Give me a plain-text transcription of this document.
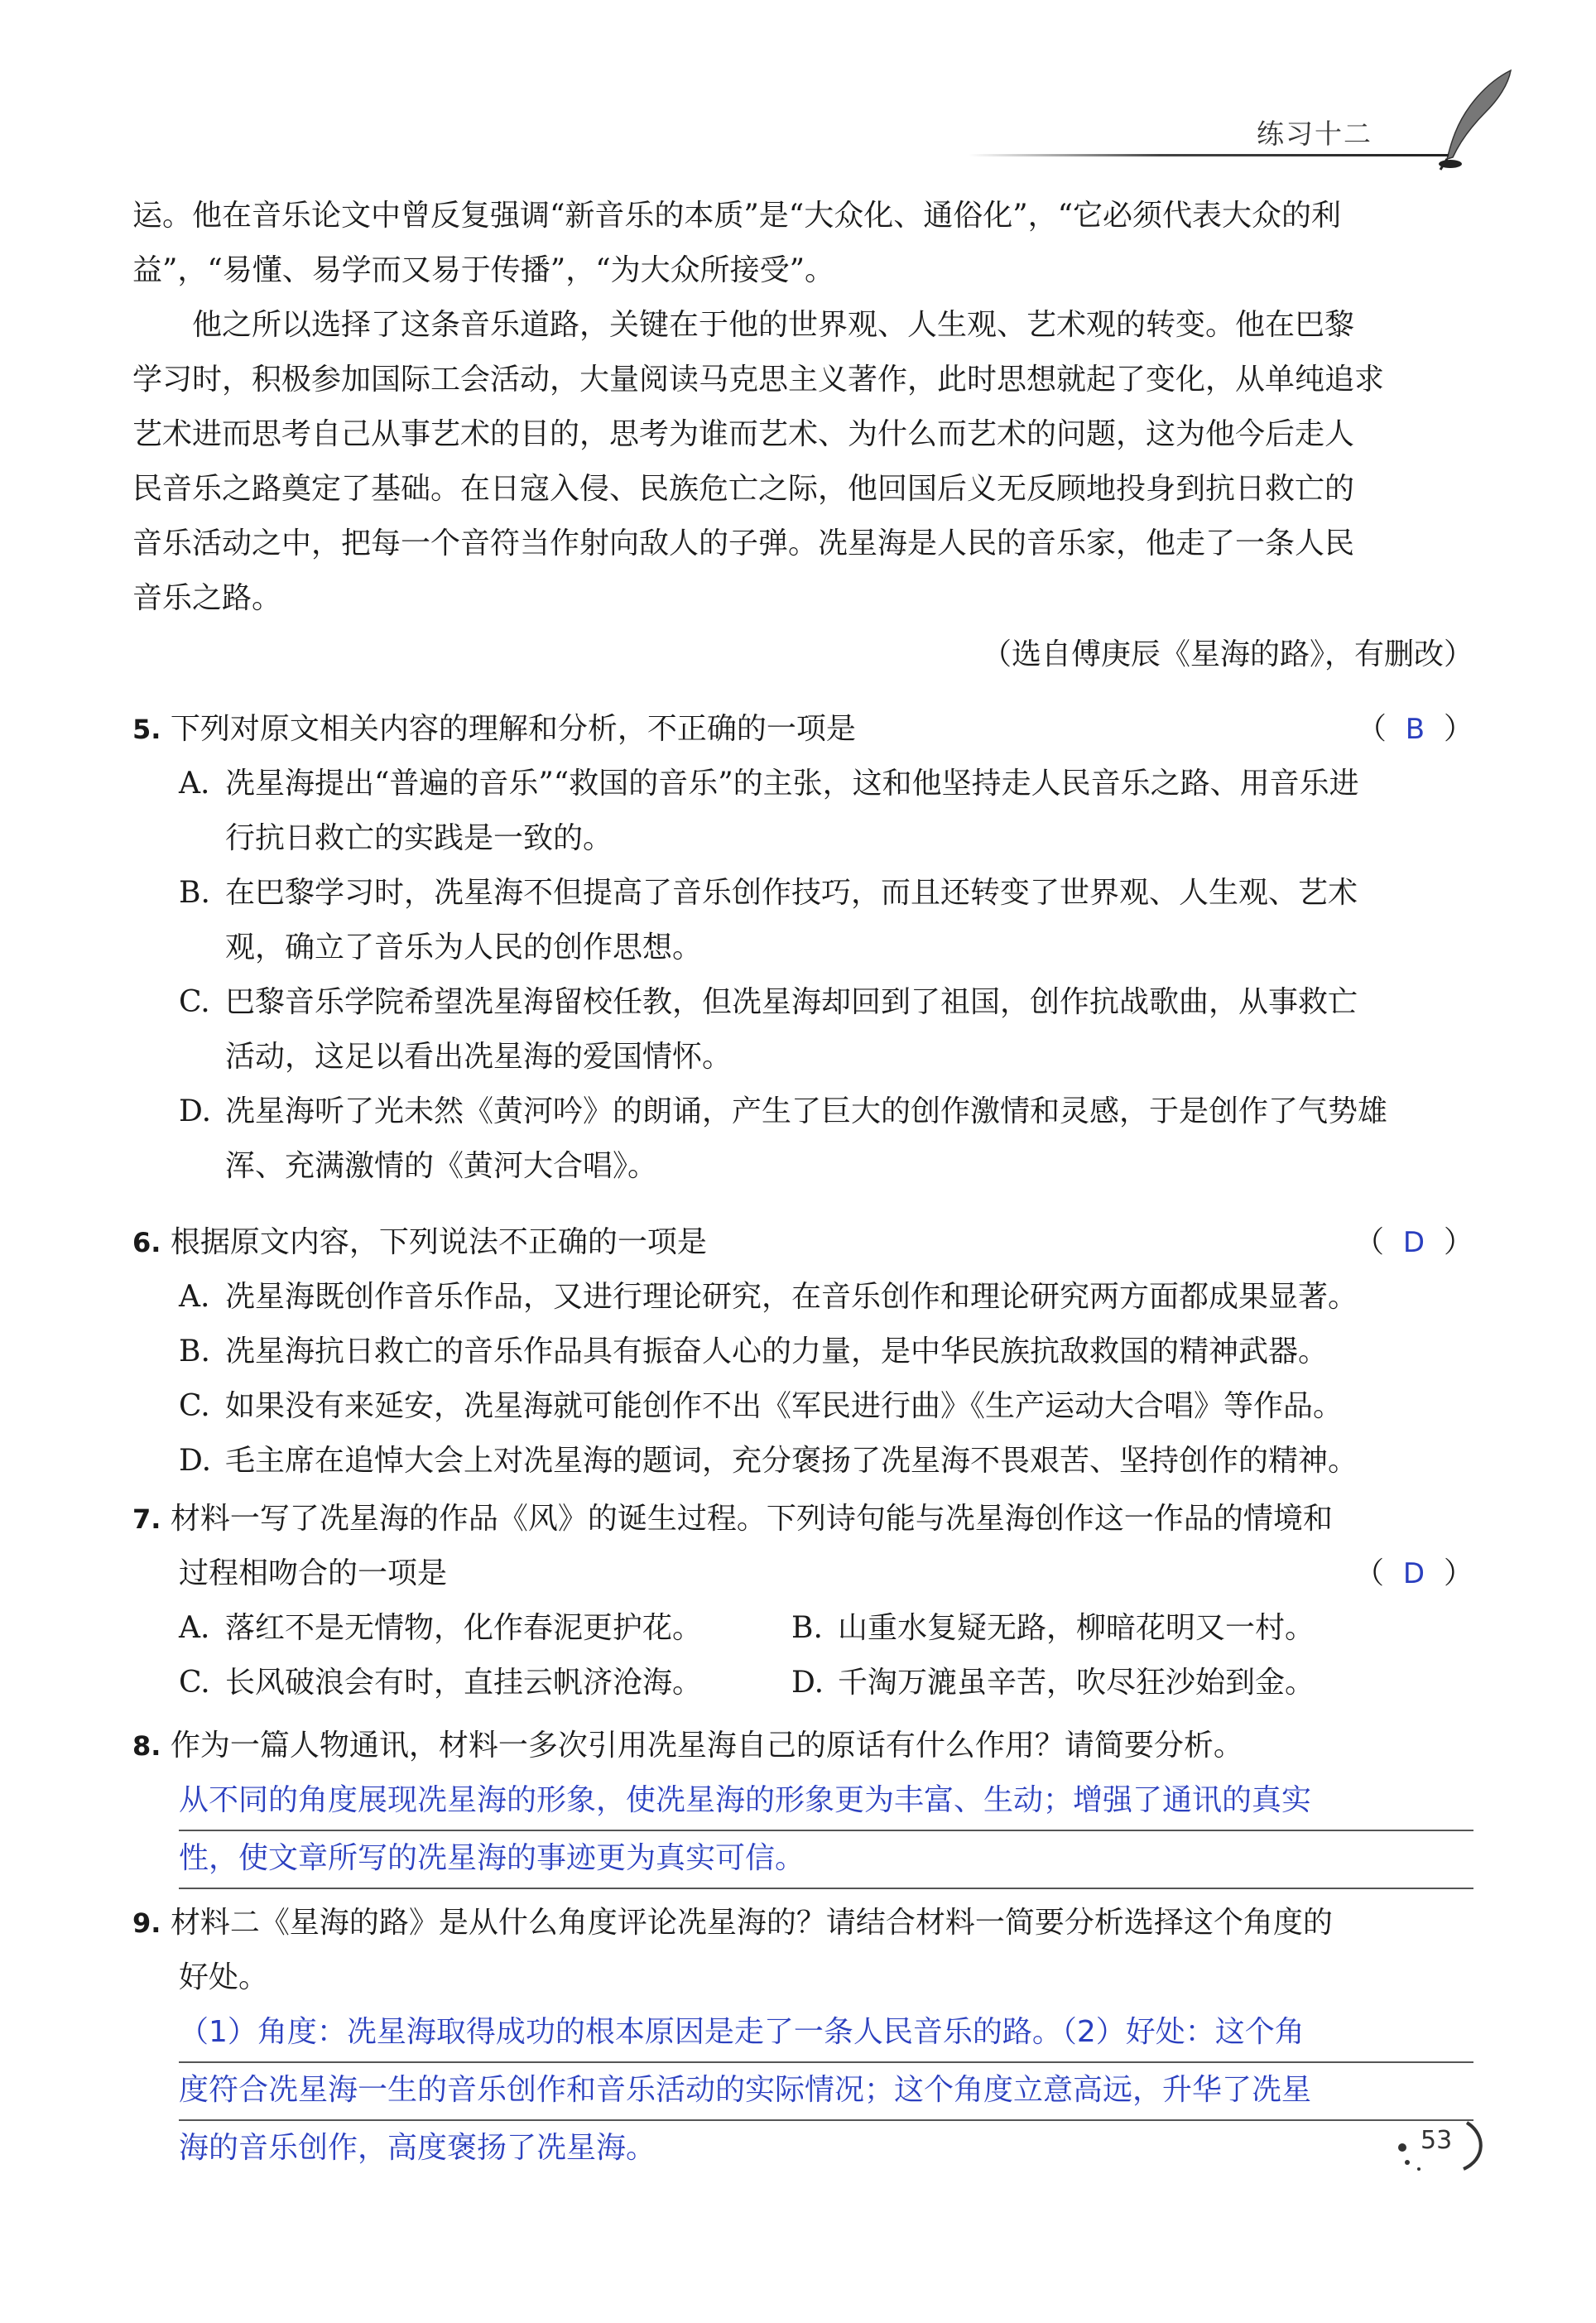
练习十二
运。他在音乐论文中曾反复强调“新音乐的本质”是“大众化、通俗化”，“它必须代表大众的利
益”，“易懂、易学而又易于传播”，“为大众所接受”。
他之所以选择了这条音乐道路，关键在于他的世界观、人生观、艺术观的转变。他在巴黎
学习时，积极参加国际工会活动，大量阅读马克思主义著作，此时思想就起了变化，从单纯追求
艺术进而思考自己从事艺术的目的，思考为谁而艺术、为什么而艺术的问题，这为他今后走人
民音乐之路奠定了基础。在日寇入侵、民族危亡之际，他回国后义无反顾地投身到抗日救亡的
音乐活动之中，把每一个音符当作射向敌人的子弹。冼星海是人民的音乐家，他走了一条人民
音乐之路。
（选自傅庚辰《星海的路》，有删改）
5. 下列对原文相关内容的理解和分析，不正确的一项是	（  B  ）
A. 冼星海提出“普遍的音乐”“救国的音乐”的主张，这和他坚持走人民音乐之路、用音乐进
行抗日救亡的实践是一致的。
B. 在巴黎学习时，冼星海不但提高了音乐创作技巧，而且还转变了世界观、人生观、艺术
观，确立了音乐为人民的创作思想。
C. 巴黎音乐学院希望冼星海留校任教，但冼星海却回到了祖国，创作抗战歌曲，从事救亡
活动，这足以看出冼星海的爱国情怀。
D. 冼星海听了光未然《黄河吟》的朗诵，产生了巨大的创作激情和灵感，于是创作了气势雄
浑、充满激情的《黄河大合唱》。
6. 根据原文内容，下列说法不正确的一项是	（  D  ）
A. 冼星海既创作音乐作品，又进行理论研究，在音乐创作和理论研究两方面都成果显著。
B. 冼星海抗日救亡的音乐作品具有振奋人心的力量，是中华民族抗敌救国的精神武器。
C. 如果没有来延安，冼星海就可能创作不出《军民进行曲》《生产运动大合唱》等作品。
D. 毛主席在追悼大会上对冼星海的题词，充分褒扬了冼星海不畏艰苦、坚持创作的精神。
7. 材料一写了冼星海的作品《风》的诞生过程。下列诗句能与冼星海创作这一作品的情境和
过程相吻合的一项是	（  D  ）
A. 落红不是无情物，化作春泥更护花。	B. 山重水复疑无路，柳暗花明又一村。
C. 长风破浪会有时，直挂云帆济沧海。	D. 千淘万漉虽辛苦，吹尽狂沙始到金。
8. 作为一篇人物通讯，材料一多次引用冼星海自己的原话有什么作用？请简要分析。
从不同的角度展现冼星海的形象，使冼星海的形象更为丰富、生动；增强了通讯的真实
性，使文章所写的冼星海的事迹更为真实可信。
9. 材料二《星海的路》是从什么角度评论冼星海的？请结合材料一简要分析选择这个角度的
好处。
（1）角度：冼星海取得成功的根本原因是走了一条人民音乐的路。（2）好处：这个角
度符合冼星海一生的音乐创作和音乐活动的实际情况；这个角度立意高远，升华了冼星
海的音乐创作，高度褒扬了冼星海。	53
